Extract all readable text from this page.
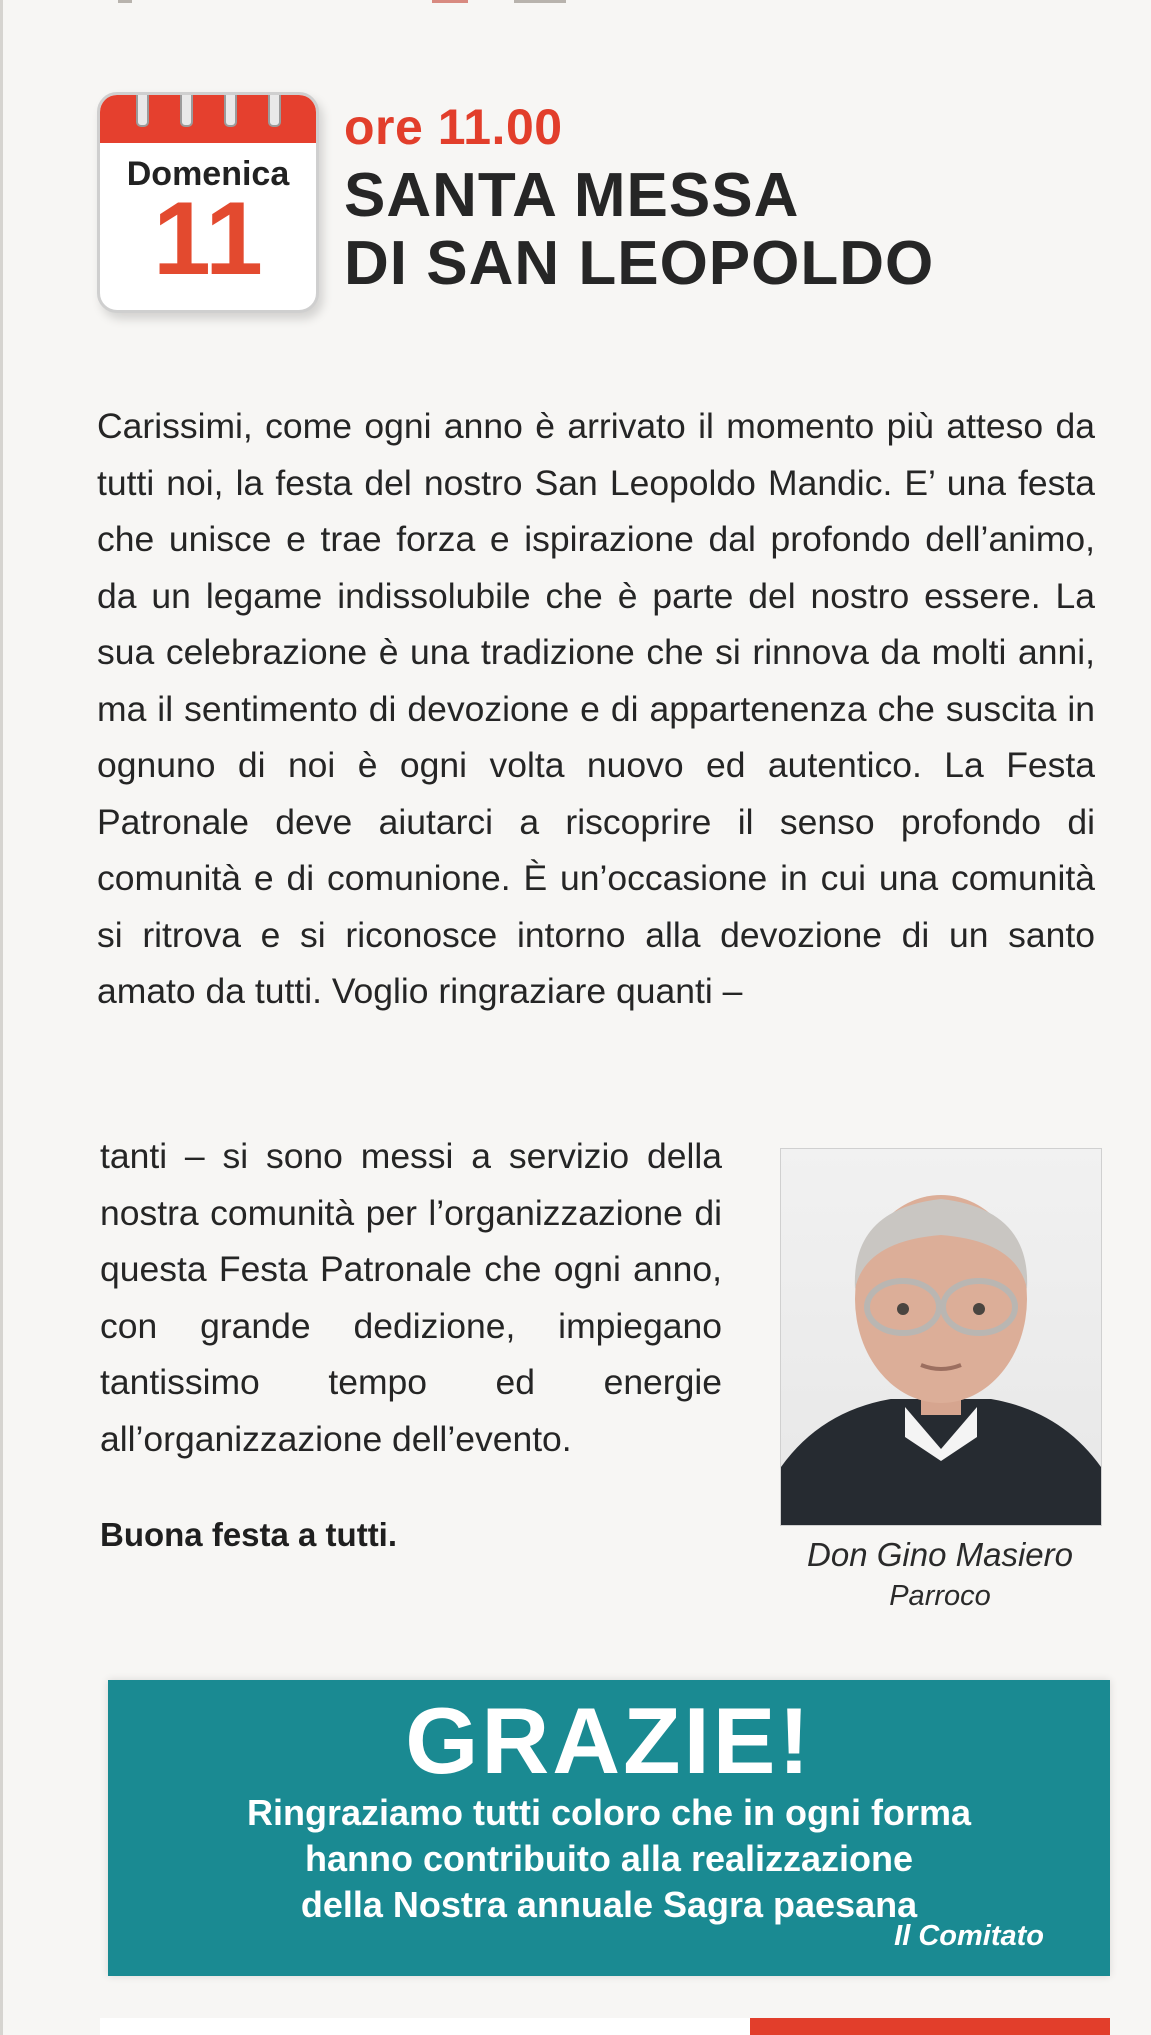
Domenica
11
ore 11.00
SANTA MESSA
DI SAN LEOPOLDO
Carissimi, come ogni anno è arrivato il momento più atteso da tutti noi, la festa del nostro San Leopoldo Mandic. E’ una festa che unisce e trae forza e ispirazione dal profondo dell’animo, da un legame indissolubile che è parte del nostro essere. La sua celebrazione è una tradizione che si rinnova da molti anni, ma il sentimento di devozione e di appartenenza che suscita in ognuno di noi è ogni volta nuovo ed autentico. La Festa Patronale deve aiutarci a riscoprire il senso profondo di comunità e di comunione. È un’occasione in cui una comunità si ritrova e si riconosce intorno alla devozione di un santo amato da tutti. Voglio ringraziare quanti –
tanti – si sono messi a servizio della nostra comunità per l’organizzazione di questa Festa Patronale che ogni anno, con grande dedizione, impiegano tantissimo tempo ed energie all’organizzazione dell’evento.
Buona festa a tutti.
Don Gino Masiero
Parroco
GRAZIE!
Ringraziamo tutti coloro che in ogni forma
hanno contribuito alla realizzazione
della Nostra annuale Sagra paesana
Il Comitato
